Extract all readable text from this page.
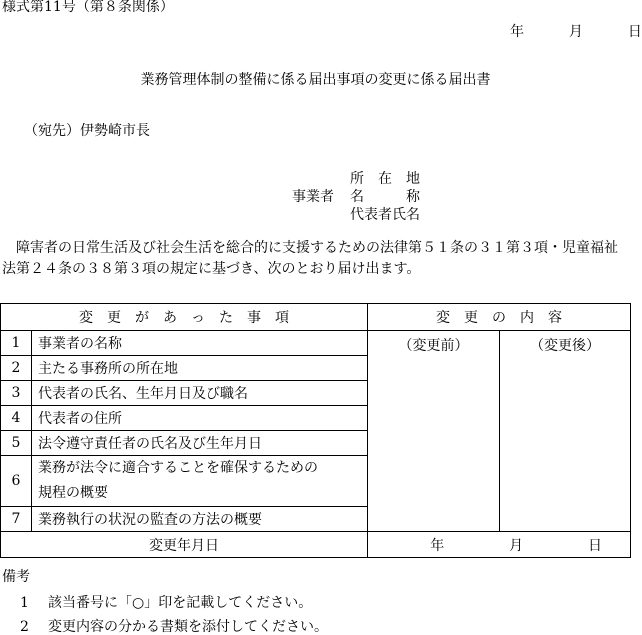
様式第11号（第８条関係）
年	月	日
業務管理体制の整備に係る届出事項の変更に係る届出書
（宛先）伊勢崎市長
事業者
所　在　地
名　　　称
代表者氏名
障害者の日常生活及び社会生活を総合的に支援するための法律第５１条の３１第３項・児童福祉法第２４条の３８第３項の規定に基づき、次のとおり届け出ます。
変　更　が　あ　っ　た　事　項		変　更　の　内　容	
1	事業者の名称	（変更前）	（変更後）
2	主たる事務所の所在地		
3	代表者の氏名、生年月日及び職名		
4	代表者の住所		
5	法令遵守責任者の氏名及び生年月日		
6	業務が法令に適合することを確保するための
規程の概要		

7	業務執行の状況の監査の方法の概要		
変更年月日		年 月 日	
備考
1 該当番号に「○」印を記載してください。
2 変更内容の分かる書類を添付してください。
